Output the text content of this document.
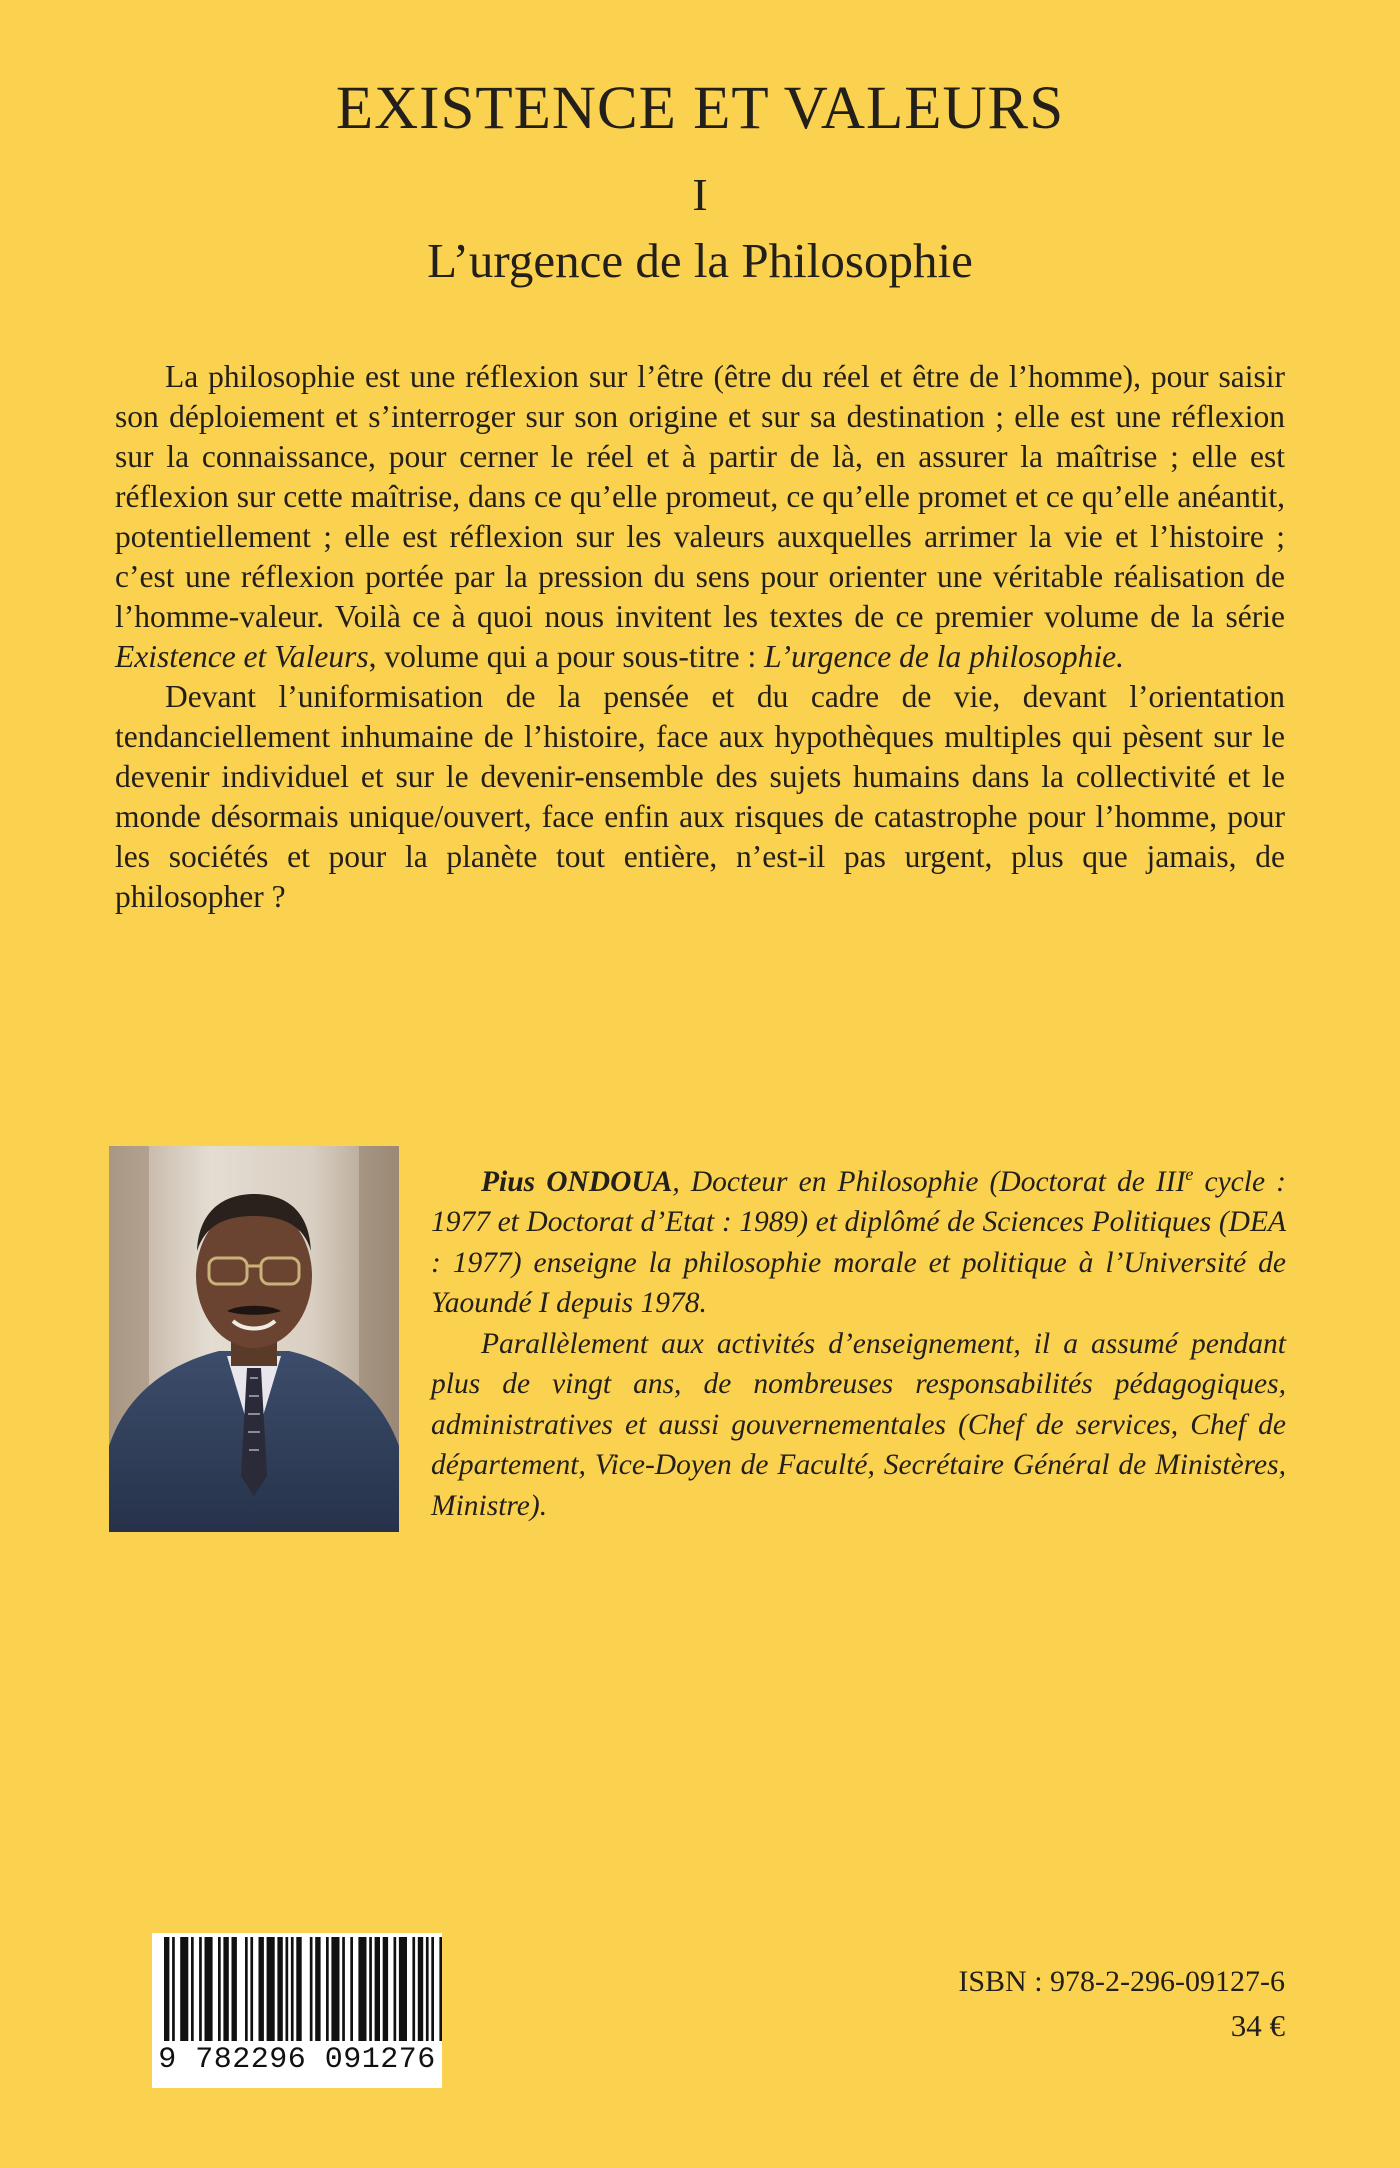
EXISTENCE ET VALEURS
I
L’urgence de la Philosophie

La philosophie est une réflexion sur l’être (être du réel et être de l’homme), pour saisir son déploiement et s’interroger sur son origine et sur sa destination ; elle est une réflexion sur la connaissance, pour cerner le réel et à partir de là, en assurer la maîtrise ; elle est réflexion sur cette maîtrise, dans ce qu’elle promeut, ce qu’elle promet et ce qu’elle anéantit, potentiellement ; elle est réflexion sur les valeurs auxquelles arrimer la vie et l’histoire ; c’est une réflexion portée par la pression du sens pour orienter une véritable réalisation de l’homme-valeur. Voilà ce à quoi nous invitent les textes de ce premier volume de la série Existence et Valeurs, volume qui a pour sous-titre : L’urgence de la philosophie.

Devant l’uniformisation de la pensée et du cadre de vie, devant l’orientation tendanciellement inhumaine de l’histoire, face aux hypothèques multiples qui pèsent sur le devenir individuel et sur le devenir-ensemble des sujets humains dans la collectivité et le monde désormais unique/ouvert, face enfin aux risques de catastrophe pour l’homme, pour les sociétés et pour la planète tout entière, n’est-il pas urgent, plus que jamais, de philosopher ?

Pius ONDOUA, Docteur en Philosophie (Doctorat de IIIe cycle : 1977 et Doctorat d’Etat : 1989) et diplômé de Sciences Politiques (DEA : 1977) enseigne la philosophie morale et politique à l’Université de Yaoundé I depuis 1978.

Parallèlement aux activités d’enseignement, il a assumé pendant plus de vingt ans, de nombreuses responsabilités pédagogiques, administratives et aussi gouvernementales (Chef de services, Chef de département, Vice-Doyen de Faculté, Secrétaire Général de Ministères, Ministre).

9 782296 091276
ISBN : 978-2-296-09127-6
34 €
